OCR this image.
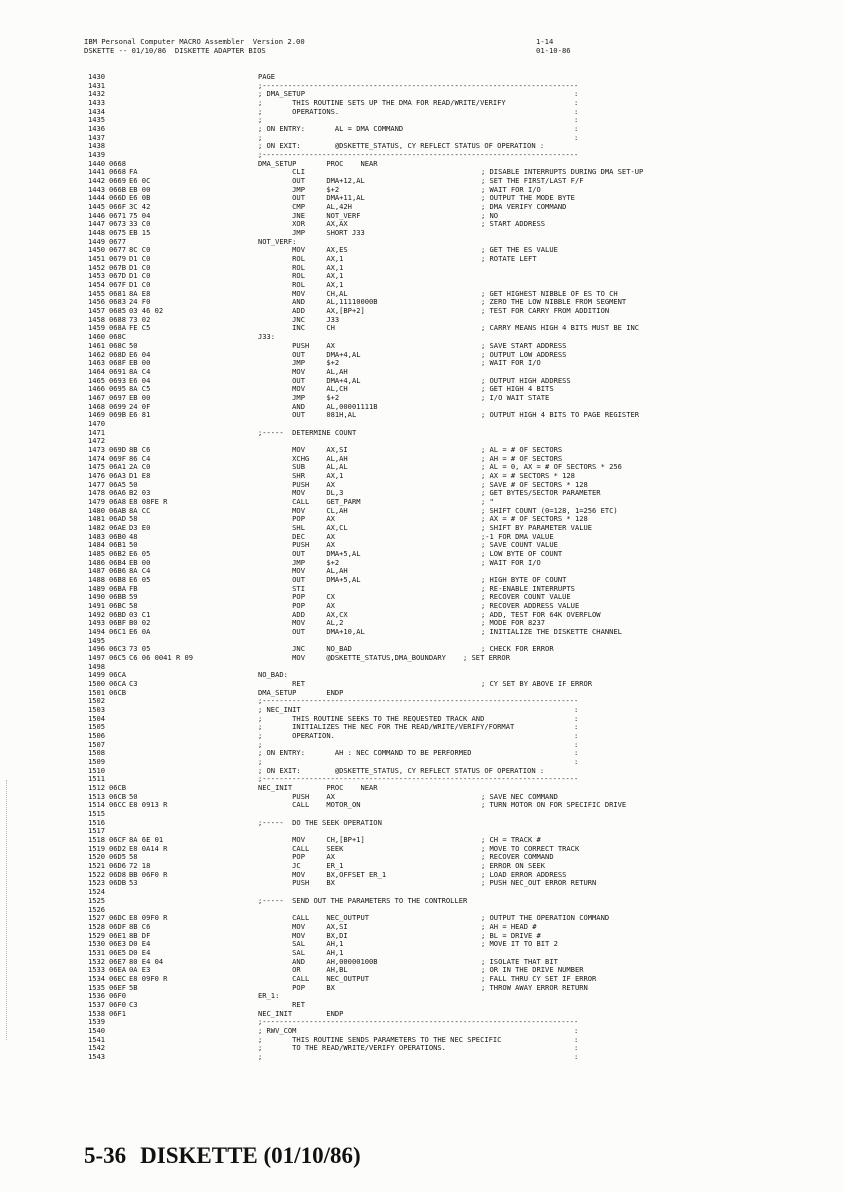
IBM Personal Computer MACRO Assembler  Version 2.00	1-14
DSKETTE -- 01/10/86  DISKETTE ADAPTER BIOS	01-10-86
1430	PAGE
1431	;--------------------------------------------------------------------------
1432	; DMA_SETUP                                                               :
1433	;       THIS ROUTINE SETS UP THE DMA FOR READ/WRITE/VERIFY                :
1434	;       OPERATIONS.                                                       :
1435	;                                                                         :
1436	; ON ENTRY:       AL = DMA COMMAND                                        :
1437	;                                                                         :
1438	; ON EXIT:        @DSKETTE_STATUS, CY REFLECT STATUS OF OPERATION :
1439	;--------------------------------------------------------------------------
1440 0668	DMA_SETUP       PROC    NEAR
1441 0668 FA	CLI	; DISABLE INTERRUPTS DURING DMA SET-UP
1442 0669 E6 0C	OUT     DMA+12,AL	; SET THE FIRST/LAST F/F
1443 066B EB 00	JMP     $+2	; WAIT FOR I/O
1444 066D E6 0B	OUT     DMA+11,AL	; OUTPUT THE MODE BYTE
1445 066F 3C 42	CMP     AL,42H	; DMA VERIFY COMMAND
1446 0671 75 04	JNE     NOT_VERF	; NO
1447 0673 33 C0	XOR     AX,AX	; START ADDRESS
1448 0675 EB 15	JMP     SHORT J33
1449 0677	NOT_VERF:
1450 0677 8C C0	MOV     AX,ES	; GET THE ES VALUE
1451 0679 D1 C0	ROL     AX,1	; ROTATE LEFT
1452 067B D1 C0	ROL     AX,1
1453 067D D1 C0	ROL     AX,1
1454 067F D1 C0	ROL     AX,1
1455 0681 8A E8	MOV     CH,AL	; GET HIGHEST NIBBLE OF ES TO CH
1456 0683 24 F0	AND     AL,11110000B	; ZERO THE LOW NIBBLE FROM SEGMENT
1457 0685 03 46 02	ADD     AX,[BP+2]	; TEST FOR CARRY FROM ADDITION
1458 0688 73 02	JNC     J33
1459 068A FE C5	INC     CH	; CARRY MEANS HIGH 4 BITS MUST BE INC
1460 068C	J33:
1461 068C 50	PUSH    AX	; SAVE START ADDRESS
1462 068D E6 04	OUT     DMA+4,AL	; OUTPUT LOW ADDRESS
1463 068F EB 00	JMP     $+2	; WAIT FOR I/O
1464 0691 8A C4	MOV     AL,AH
1465 0693 E6 04	OUT     DMA+4,AL	; OUTPUT HIGH ADDRESS
1466 0695 8A C5	MOV     AL,CH	; GET HIGH 4 BITS
1467 0697 EB 00	JMP     $+2	; I/O WAIT STATE
1468 0699 24 0F	AND     AL,00001111B
1469 069B E6 81	OUT     081H,AL	; OUTPUT HIGH 4 BITS TO PAGE REGISTER
1470
1471	;-----  DETERMINE COUNT
1472
1473 069D 8B C6	MOV     AX,SI	; AL = # OF SECTORS
1474 069F 86 C4	XCHG    AL,AH	; AH = # OF SECTORS
1475 06A1 2A C0	SUB     AL,AL	; AL = 0, AX = # OF SECTORS * 256
1476 06A3 D1 E8	SHR     AX,1	; AX = # SECTORS * 128
1477 06A5 50	PUSH    AX	; SAVE # OF SECTORS * 128
1478 06A6 B2 03	MOV     DL,3	; GET BYTES/SECTOR PARAMETER
1479 06A8 E8 08FE R	CALL    GET_PARM	; "
1480 06AB 8A CC	MOV     CL,AH	; SHIFT COUNT (0=128, 1=256 ETC)
1481 06AD 58	POP     AX	; AX = # OF SECTORS * 128
1482 06AE D3 E0	SHL     AX,CL	; SHIFT BY PARAMETER VALUE
1483 06B0 48	DEC     AX	;-1 FOR DMA VALUE
1484 06B1 50	PUSH    AX	; SAVE COUNT VALUE
1485 06B2 E6 05	OUT     DMA+5,AL	; LOW BYTE OF COUNT
1486 06B4 EB 00	JMP     $+2	; WAIT FOR I/O
1487 06B6 8A C4	MOV     AL,AH
1488 06B8 E6 05	OUT     DMA+5,AL	; HIGH BYTE OF COUNT
1489 06BA FB	STI	; RE-ENABLE INTERRUPTS
1490 06BB 59	POP     CX	; RECOVER COUNT VALUE
1491 06BC 58	POP     AX	; RECOVER ADDRESS VALUE
1492 06BD 03 C1	ADD     AX,CX	; ADD, TEST FOR 64K OVERFLOW
1493 06BF B0 02	MOV     AL,2	; MODE FOR 8237
1494 06C1 E6 0A	OUT     DMA+10,AL	; INITIALIZE THE DISKETTE CHANNEL
1495
1496 06C3 73 05	JNC     NO_BAD	; CHECK FOR ERROR
1497 06C5 C6 06 0041 R 09	MOV     @DSKETTE_STATUS,DMA_BOUNDARY    ; SET ERROR
1498
1499 06CA	NO_BAD:
1500 06CA C3	RET	; CY SET BY ABOVE IF ERROR
1501 06CB	DMA_SETUP       ENDP
1502	;--------------------------------------------------------------------------
1503	; NEC_INIT                                                                :
1504	;       THIS ROUTINE SEEKS TO THE REQUESTED TRACK AND                     :
1505	;       INITIALIZES THE NEC FOR THE READ/WRITE/VERIFY/FORMAT              :
1506	;       OPERATION.                                                        :
1507	;                                                                         :
1508	; ON ENTRY:       AH : NEC COMMAND TO BE PERFORMED                        :
1509	;                                                                         :
1510	; ON EXIT:        @DSKETTE_STATUS, CY REFLECT STATUS OF OPERATION :
1511	;--------------------------------------------------------------------------
1512 06CB	NEC_INIT        PROC    NEAR
1513 06CB 50	PUSH    AX	; SAVE NEC COMMAND
1514 06CC E8 0913 R	CALL    MOTOR_ON	; TURN MOTOR ON FOR SPECIFIC DRIVE
1515
1516	;-----  DO THE SEEK OPERATION
1517
1518 06CF 8A 6E 01	MOV     CH,[BP+1]	; CH = TRACK #
1519 06D2 E8 0A14 R	CALL    SEEK	; MOVE TO CORRECT TRACK
1520 06D5 58	POP     AX	; RECOVER COMMAND
1521 06D6 72 18	JC      ER_1	; ERROR ON SEEK
1522 06D8 BB 06F0 R	MOV     BX,OFFSET ER_1	; LOAD ERROR ADDRESS
1523 06DB 53	PUSH    BX	; PUSH NEC_OUT ERROR RETURN
1524
1525	;-----  SEND OUT THE PARAMETERS TO THE CONTROLLER
1526
1527 06DC E8 09F0 R	CALL    NEC_OUTPUT	; OUTPUT THE OPERATION COMMAND
1528 06DF 8B C6	MOV     AX,SI	; AH = HEAD #
1529 06E1 8B DF	MOV     BX,DI	; BL = DRIVE #
1530 06E3 D0 E4	SAL     AH,1	; MOVE IT TO BIT 2
1531 06E5 D0 E4	SAL     AH,1
1532 06E7 80 E4 04	AND     AH,00000100B	; ISOLATE THAT BIT
1533 06EA 0A E3	OR      AH,BL	; OR IN THE DRIVE NUMBER
1534 06EC E8 09F0 R	CALL    NEC_OUTPUT	; FALL THRU CY SET IF ERROR
1535 06EF 5B	POP     BX	; THROW AWAY ERROR RETURN
1536 06F0	ER_1:
1537 06F0 C3	RET
1538 06F1	NEC_INIT        ENDP
1539	;--------------------------------------------------------------------------
1540	; RWV_COM                                                                 :
1541	;       THIS ROUTINE SENDS PARAMETERS TO THE NEC SPECIFIC                 :
1542	;       TO THE READ/WRITE/VERIFY OPERATIONS.                              :
1543	;                                                                         :
5-36 DISKETTE (01/10/86)
